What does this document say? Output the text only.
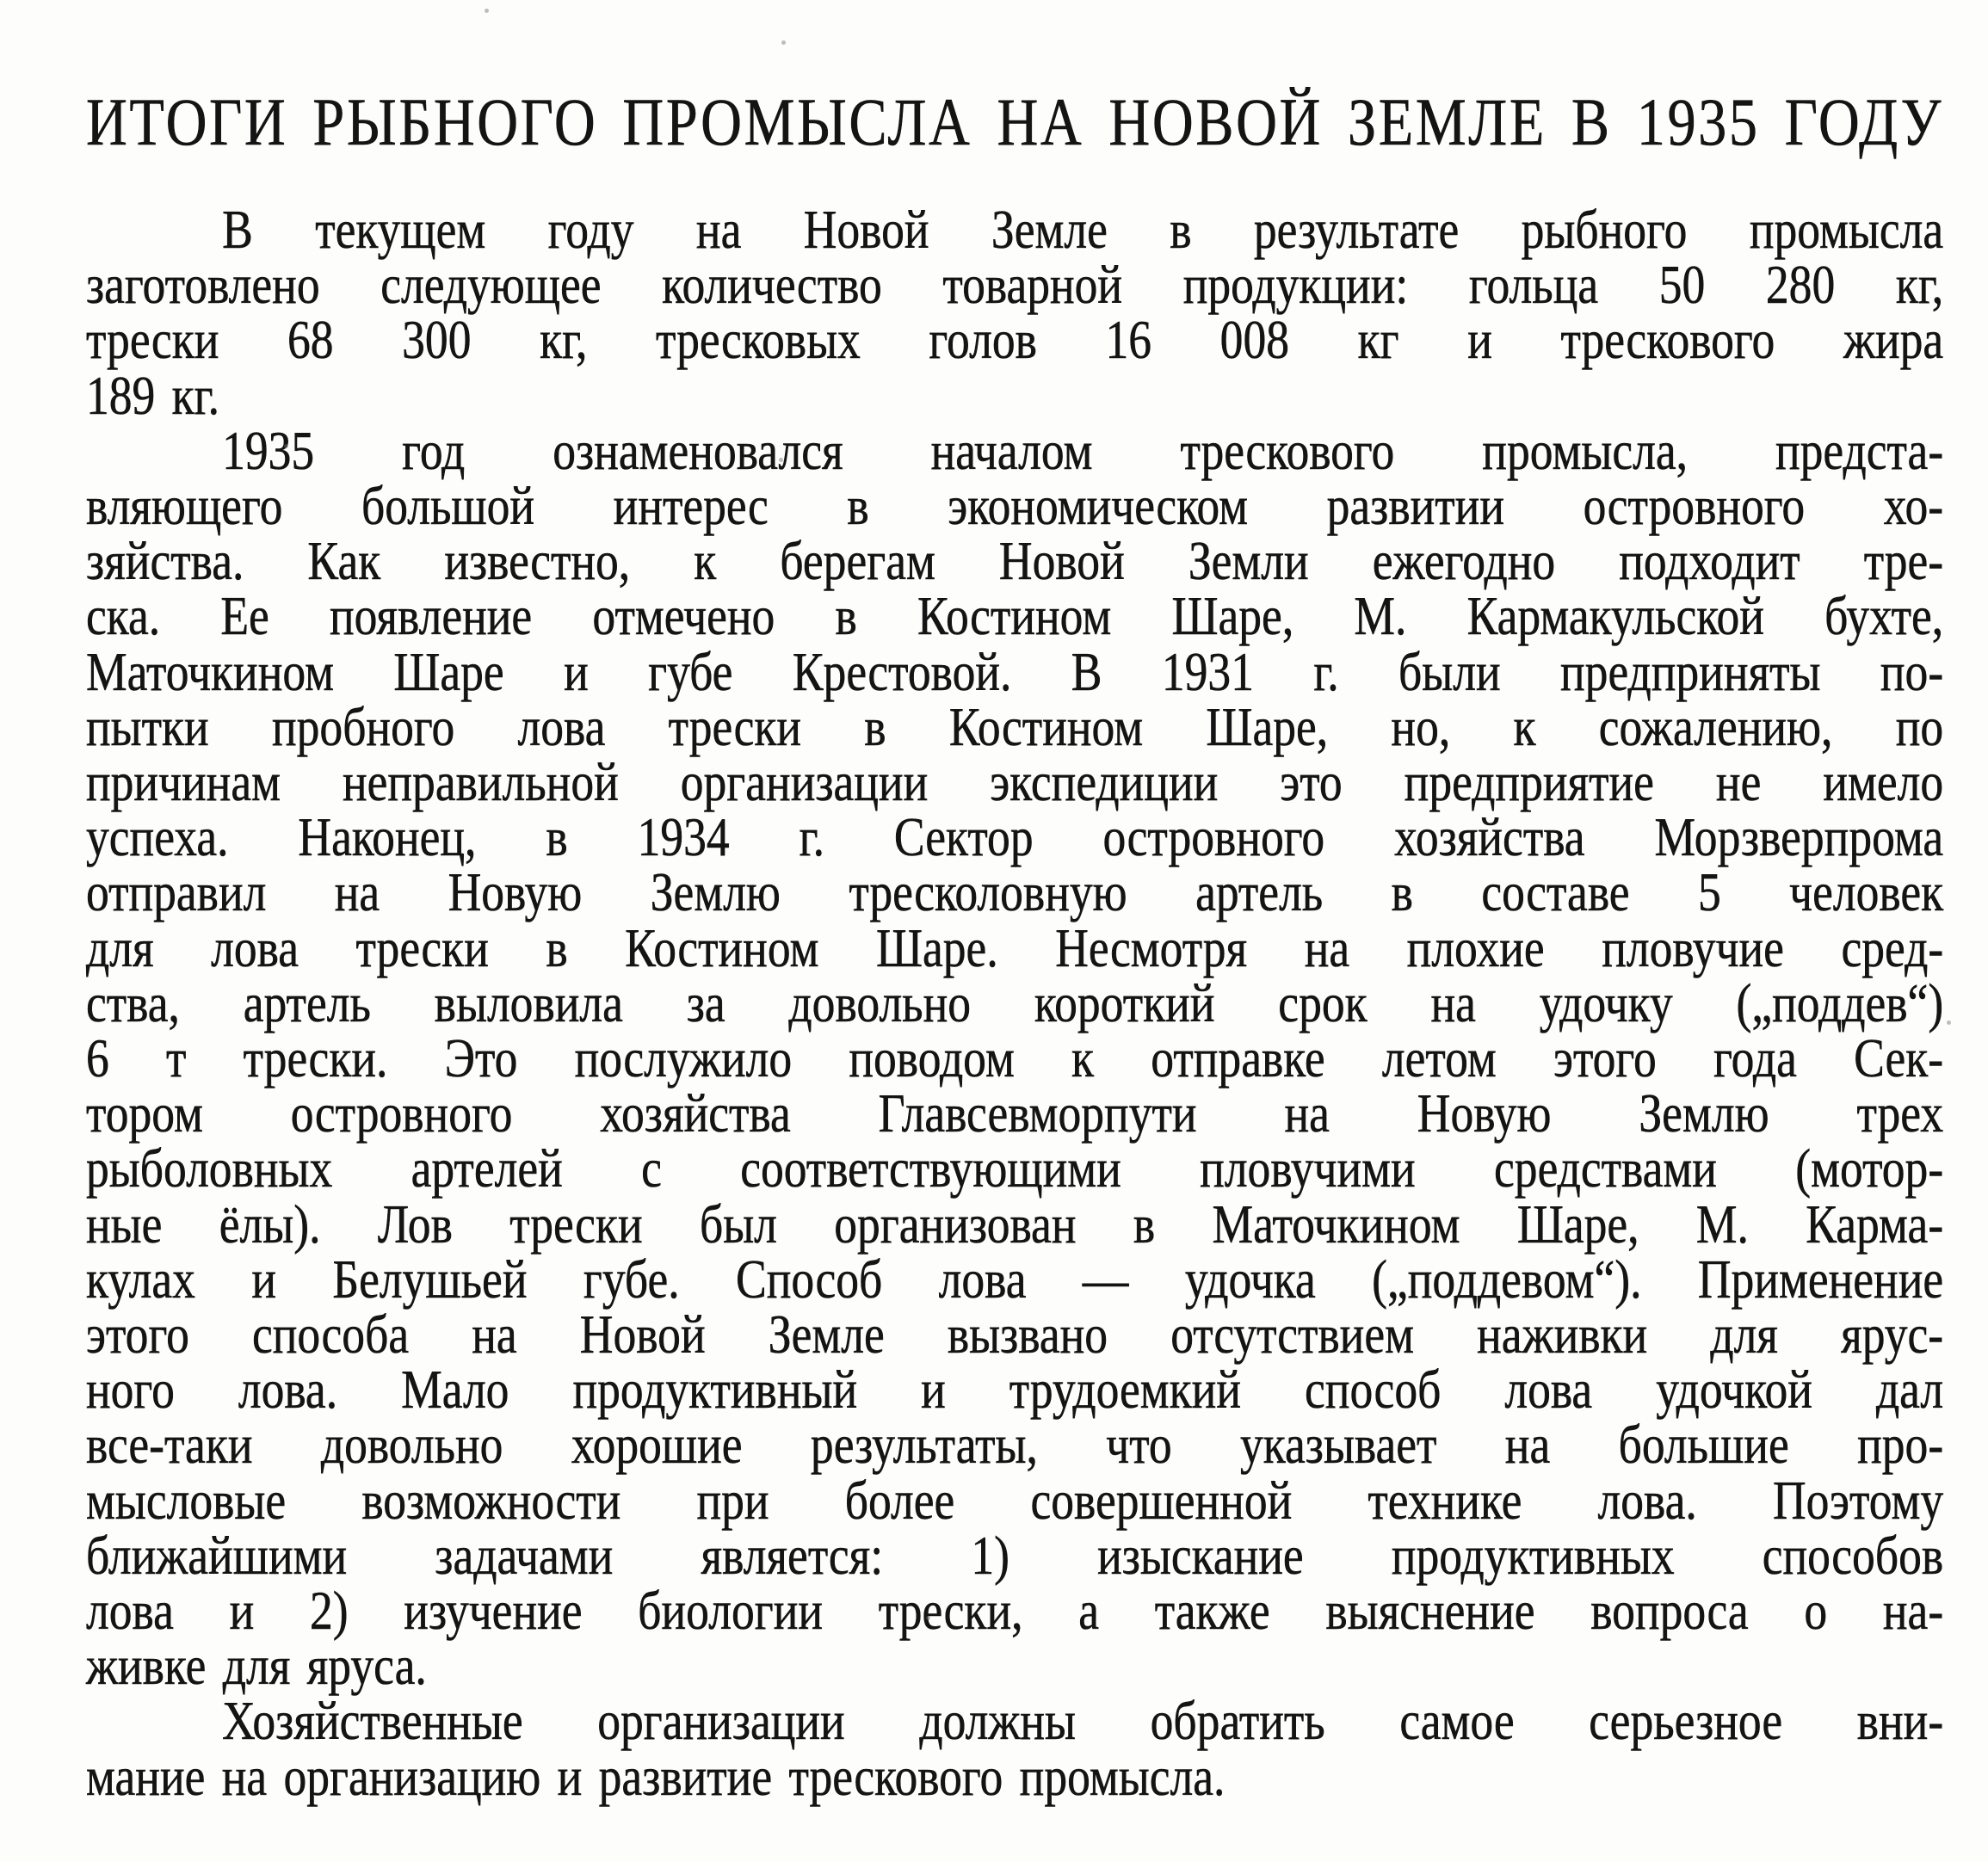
ИТОГИ РЫБНОГО ПРОМЫСЛА НА НОВОЙ ЗЕМЛЕ В 1935 ГОДУ
В текущем году на Новой Земле в результате рыбного промысла
заготовлено следующее количество товарной продукции: гольца 50 280 кг,
трески 68 300 кг, тресковых голов 16 008 кг и трескового жира
189 кг.
1935 год ознаменовался началом трескового промысла, предста-
вляющего большой интерес в экономическом развитии островного хо-
зяйства. Как известно, к берегам Новой Земли ежегодно подходит тре-
ска. Ее появление отмечено в Костином Шаре, М. Кармакульской бухте,
Маточкином Шаре и губе Крестовой. В 1931 г. были предприняты по-
пытки пробного лова трески в Костином Шаре, но, к сожалению, по
причинам неправильной организации экспедиции это предприятие не имело
успеха. Наконец, в 1934 г. Сектор островного хозяйства Морзверпрома
отправил на Новую Землю тресколовную артель в составе 5 человек
для лова трески в Костином Шаре. Несмотря на плохие пловучие сред-
ства, артель выловила за довольно короткий срок на удочку („поддев“)
6 т трески. Это послужило поводом к отправке летом этого года Сек-
тором островного хозяйства Главсевморпути на Новую Землю трех
рыболовных артелей с соответствующими пловучими средствами (мотор-
ные ёлы). Лов трески был организован в Маточкином Шаре, М. Карма-
кулах и Белушьей губе. Способ лова — удочка („поддевом“). Применение
этого способа на Новой Земле вызвано отсутствием наживки для ярус-
ного лова. Мало продуктивный и трудоемкий способ лова удочкой дал
все-таки довольно хорошие результаты, что указывает на большие про-
мысловые возможности при более совершенной технике лова. Поэтому
ближайшими задачами является: 1) изыскание продуктивных способов
лова и 2) изучение биологии трески, а также выяснение вопроса о на-
живке для яруса.
Хозяйственные организации должны обратить самое серьезное вни-
мание на организацию и развитие трескового промысла.
